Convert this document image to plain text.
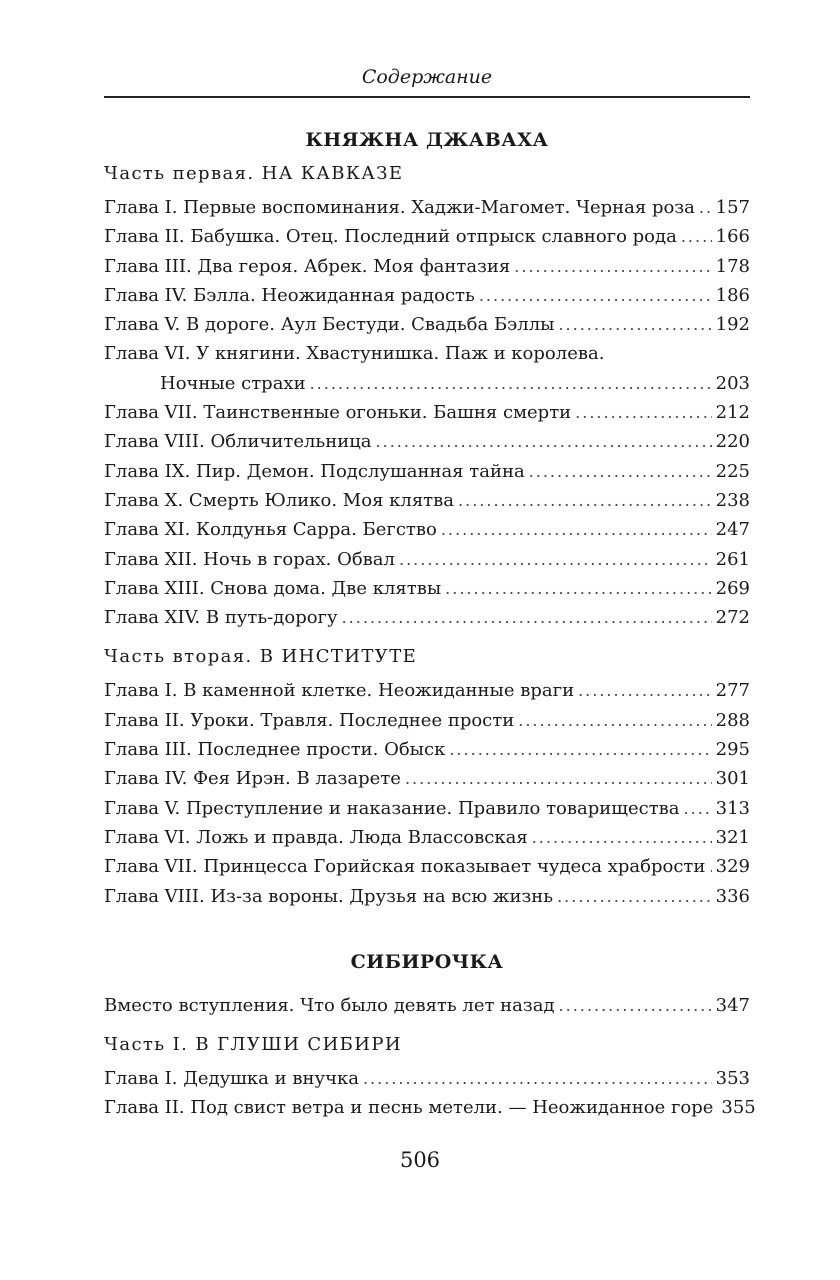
Содержание
КНЯЖНА ДЖАВАХА
Часть первая. НА КАВКАЗЕ
Глава I. Первые воспоминания. Хаджи-Магомет. Черная роза ..... 157
Глава II. Бабушка. Отец. Последний отпрыск славного рода ..... 166
Глава III. Два героя. Абрек. Моя фантазия .....	178
Глава IV. Бэлла. Неожиданная радость .....	186
Глава V. В дороге. Аул Бестуди. Свадьба Бэллы .....	192
Глава VI. У княгини. Хвастунишка. Паж и королева.
Ночные страхи .....	203
Глава VII. Таинственные огоньки. Башня смерти .....	212
Глава VIII. Обличительница .....	220
Глава IX. Пир. Демон. Подслушанная тайна .....	225
Глава X. Смерть Юлико. Моя клятва .....	238
Глава XI. Колдунья Сарра. Бегство .....	247
Глава XII. Ночь в горах. Обвал .....	261
Глава XIII. Снова дома. Две клятвы .....	269
Глава XIV. В путь-дорогу .....	272
Часть вторая. В ИНСТИТУТЕ
Глава I. В каменной клетке. Неожиданные враги .....	277
Глава II. Уроки. Травля. Последнее прости .....	288
Глава III. Последнее прости. Обыск .....	295
Глава IV. Фея Ирэн. В лазарете .....	301
Глава V. Преступление и наказание. Правило товарищества ..... 313
Глава VI. Ложь и правда. Люда Влассовская .....	321
Глава VII. Принцесса Горийская показывает чудеса храбрости ..... 329
Глава VIII. Из-за вороны. Друзья на всю жизнь .....	336
СИБИРОЧКА
Вместо вступления. Что было девять лет назад .....	347
Часть I. В ГЛУШИ СИБИРИ
Глава I. Дедушка и внучка .....	353
Глава II. Под свист ветра и песнь метели. — Неожиданное горе 355
506
